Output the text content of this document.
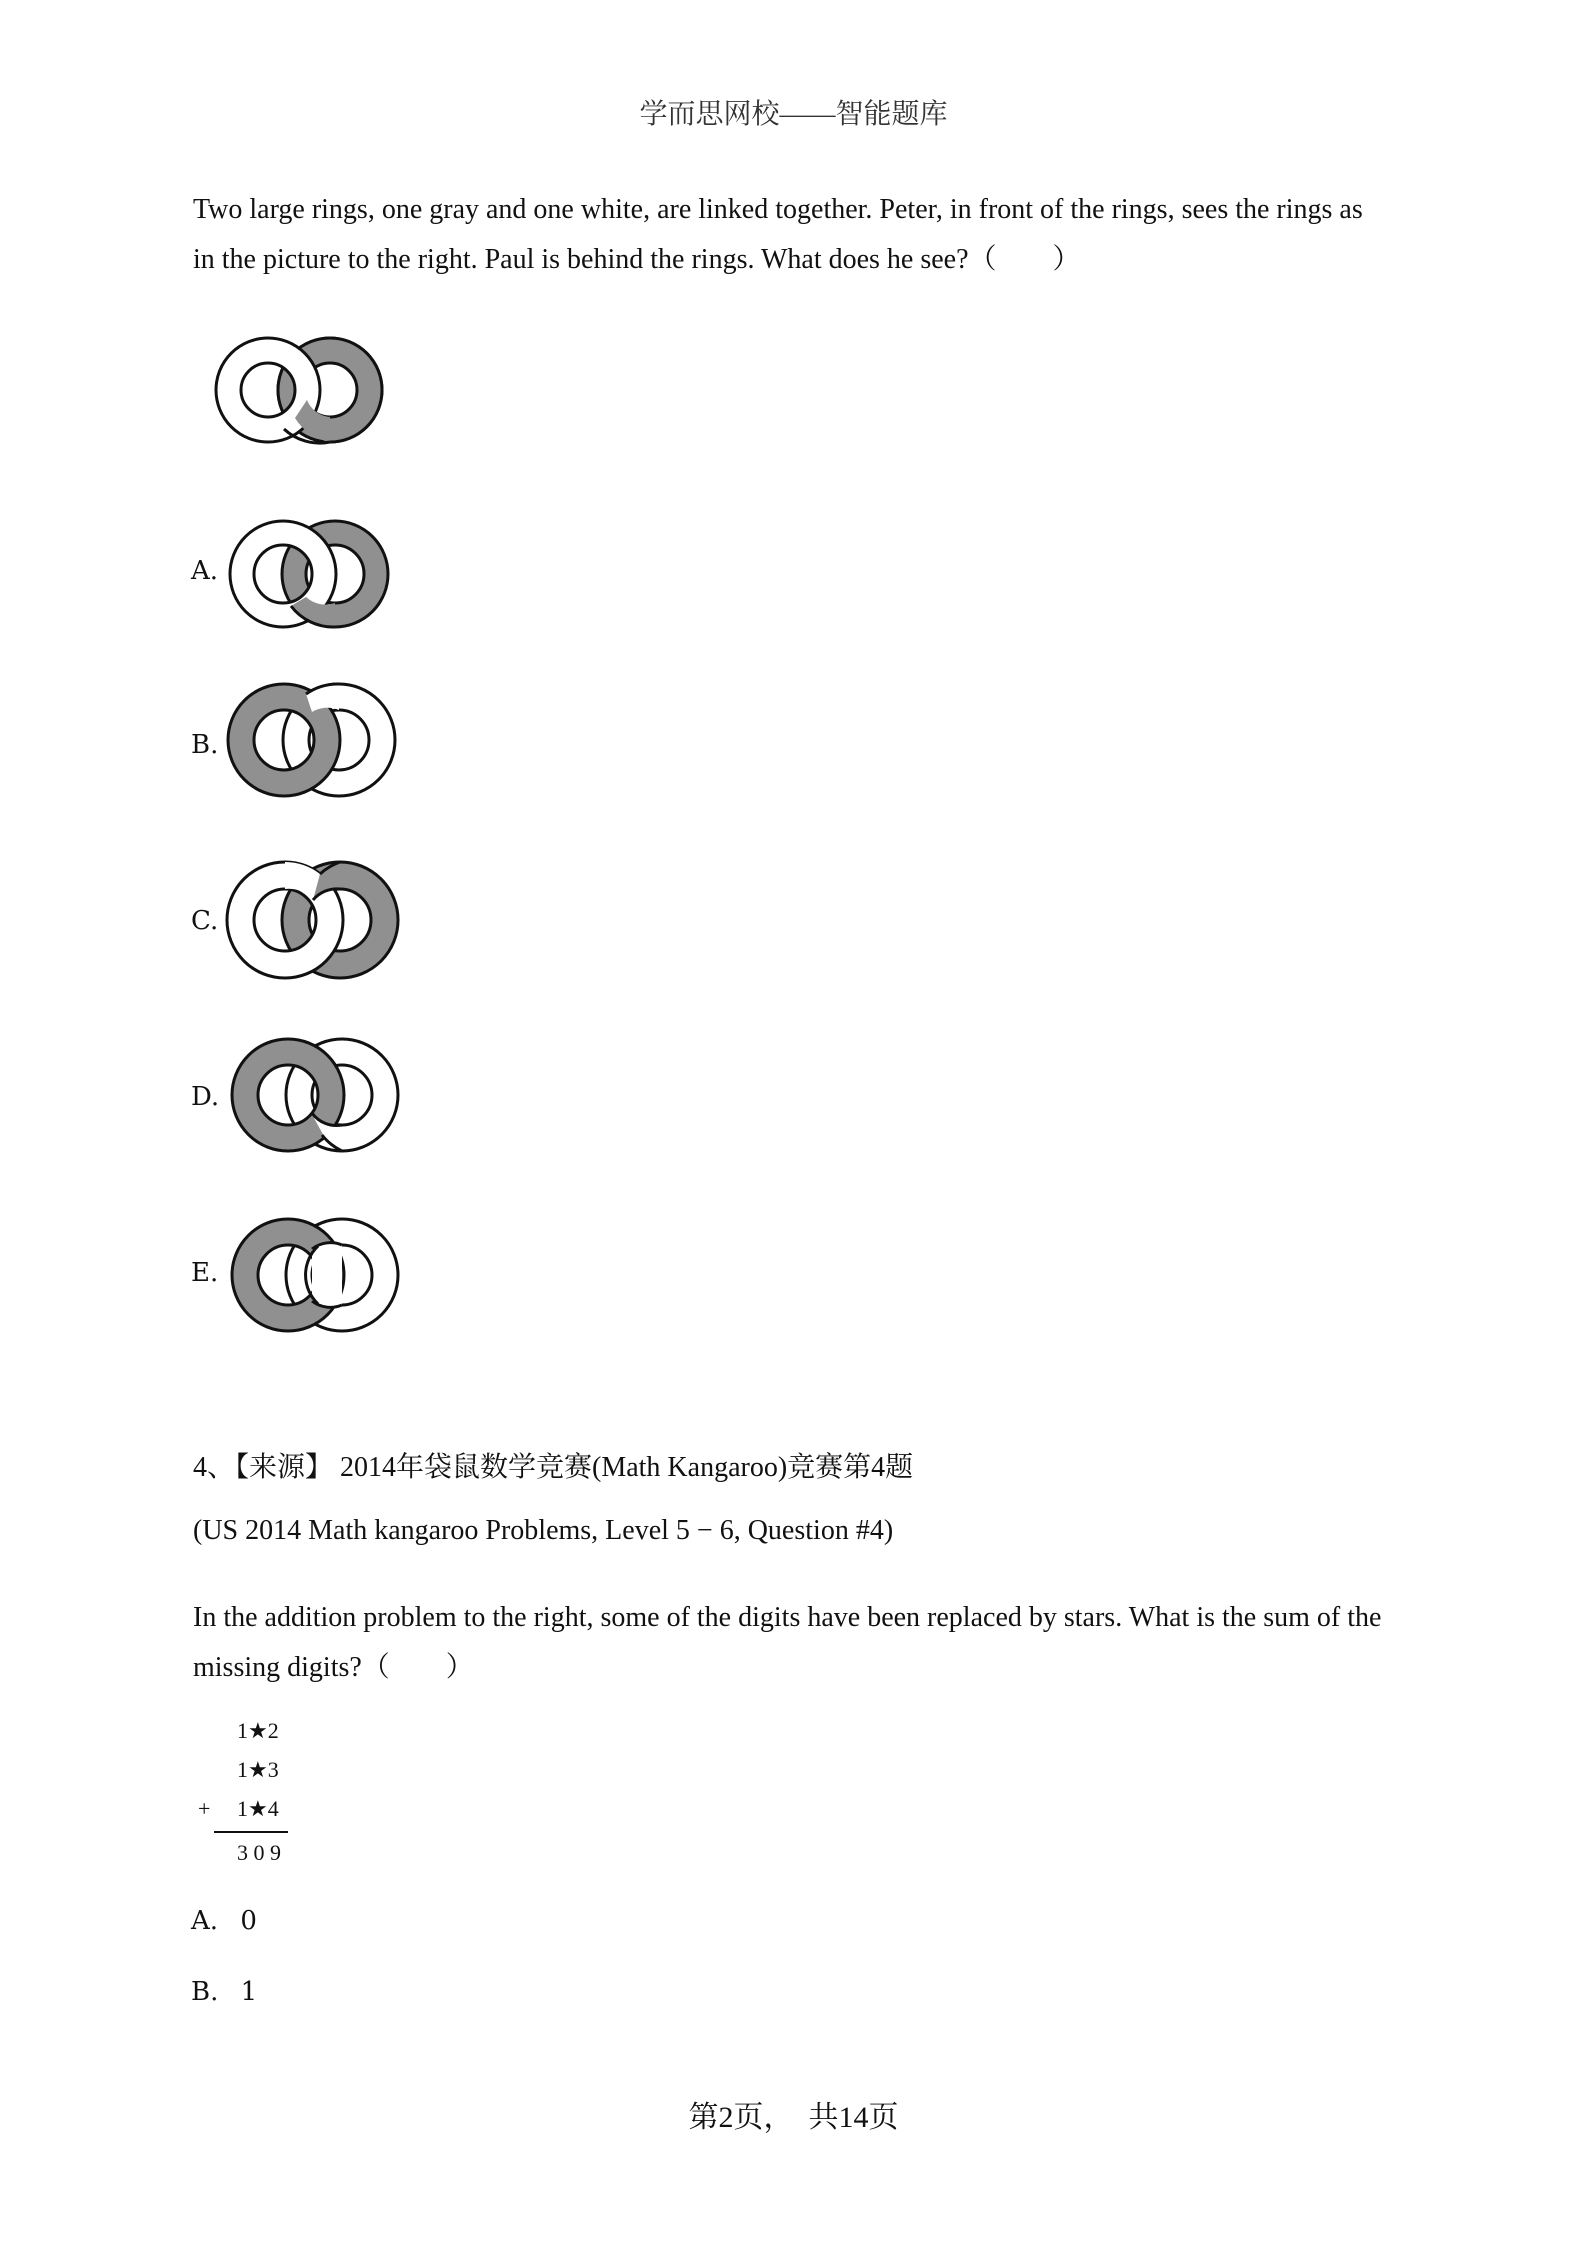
学而思网校——智能题库
Two large rings, one gray and one white, are linked together. Peter, in front of the rings, sees the rings as
in the picture to the right. Paul is behind the rings. What does he see?（　　）
A.
B.
C.
D.
E.
4、【来源】 2014年袋鼠数学竞赛(Math Kangaroo)竞赛第4题
(US 2014 Math kangaroo Problems, Level 5 − 6, Question #4)
In the addition problem to the right, some of the digits have been replaced by stars. What is the sum of the
missing digits?（　　）
1★2
1★3
+ 1★4
3 0 9
A. 0
B. 1
第2页，　共14页
